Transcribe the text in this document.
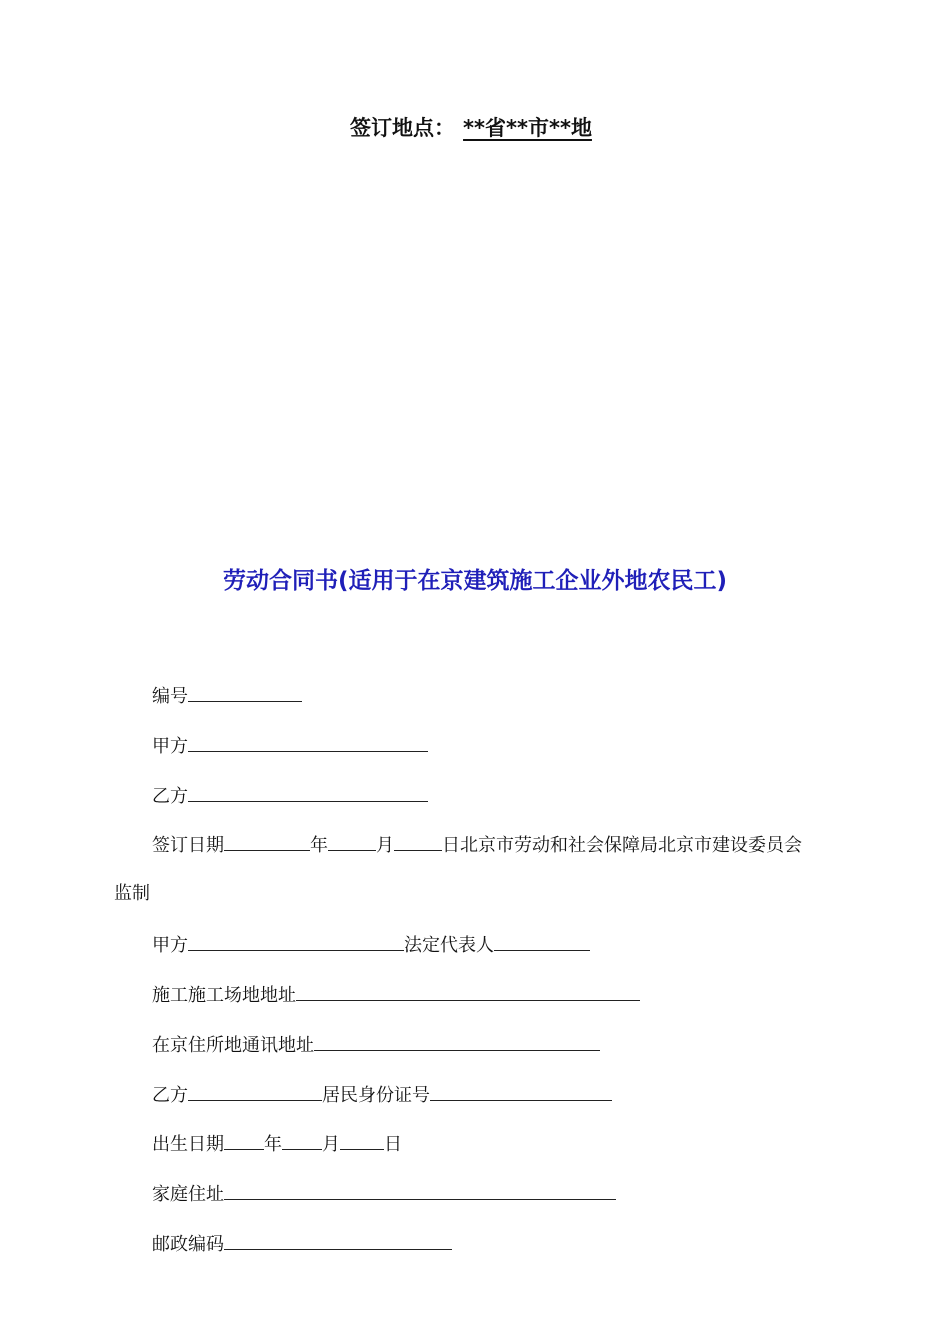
签订地点： **省**市**地
劳动合同书(适用于在京建筑施工企业外地农民工)
编号
甲方
乙方
签订日期	年	月	日北京市劳动和社会保障局北京市建设委员会
监制
甲方	法定代表人
施工施工场地地址
在京住所地通讯地址
乙方	居民身份证号
出生日期 年 月 日
家庭住址
邮政编码
